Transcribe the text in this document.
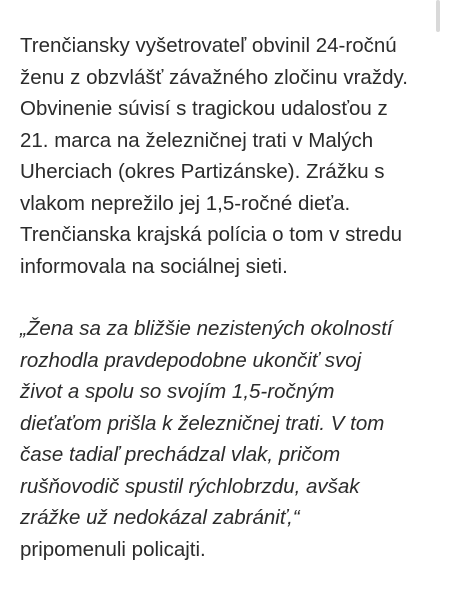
Trenčiansky vyšetrovateľ obvinil 24-ročnú
ženu z obzvlášť závažného zločinu vraždy.
Obvinenie súvisí s tragickou udalosťou z
21. marca na železničnej trati v Malých
Uherciach (okres Partizánske). Zrážku s
vlakom neprežilo jej 1,5-ročné dieťa.
Trenčianska krajská polícia o tom v stredu
informovala na sociálnej sieti.

„Žena sa za bližšie nezistených okolností
rozhodla pravdepodobne ukončiť svoj
život a spolu so svojím 1,5-ročným
dieťaťom prišla k železničnej trati. V tom
čase tadiaľ prechádzal vlak, pričom
rušňovodič spustil rýchlobrzdu, avšak
zrážke už nedokázal zabrániť,“
pripomenuli policajti.
